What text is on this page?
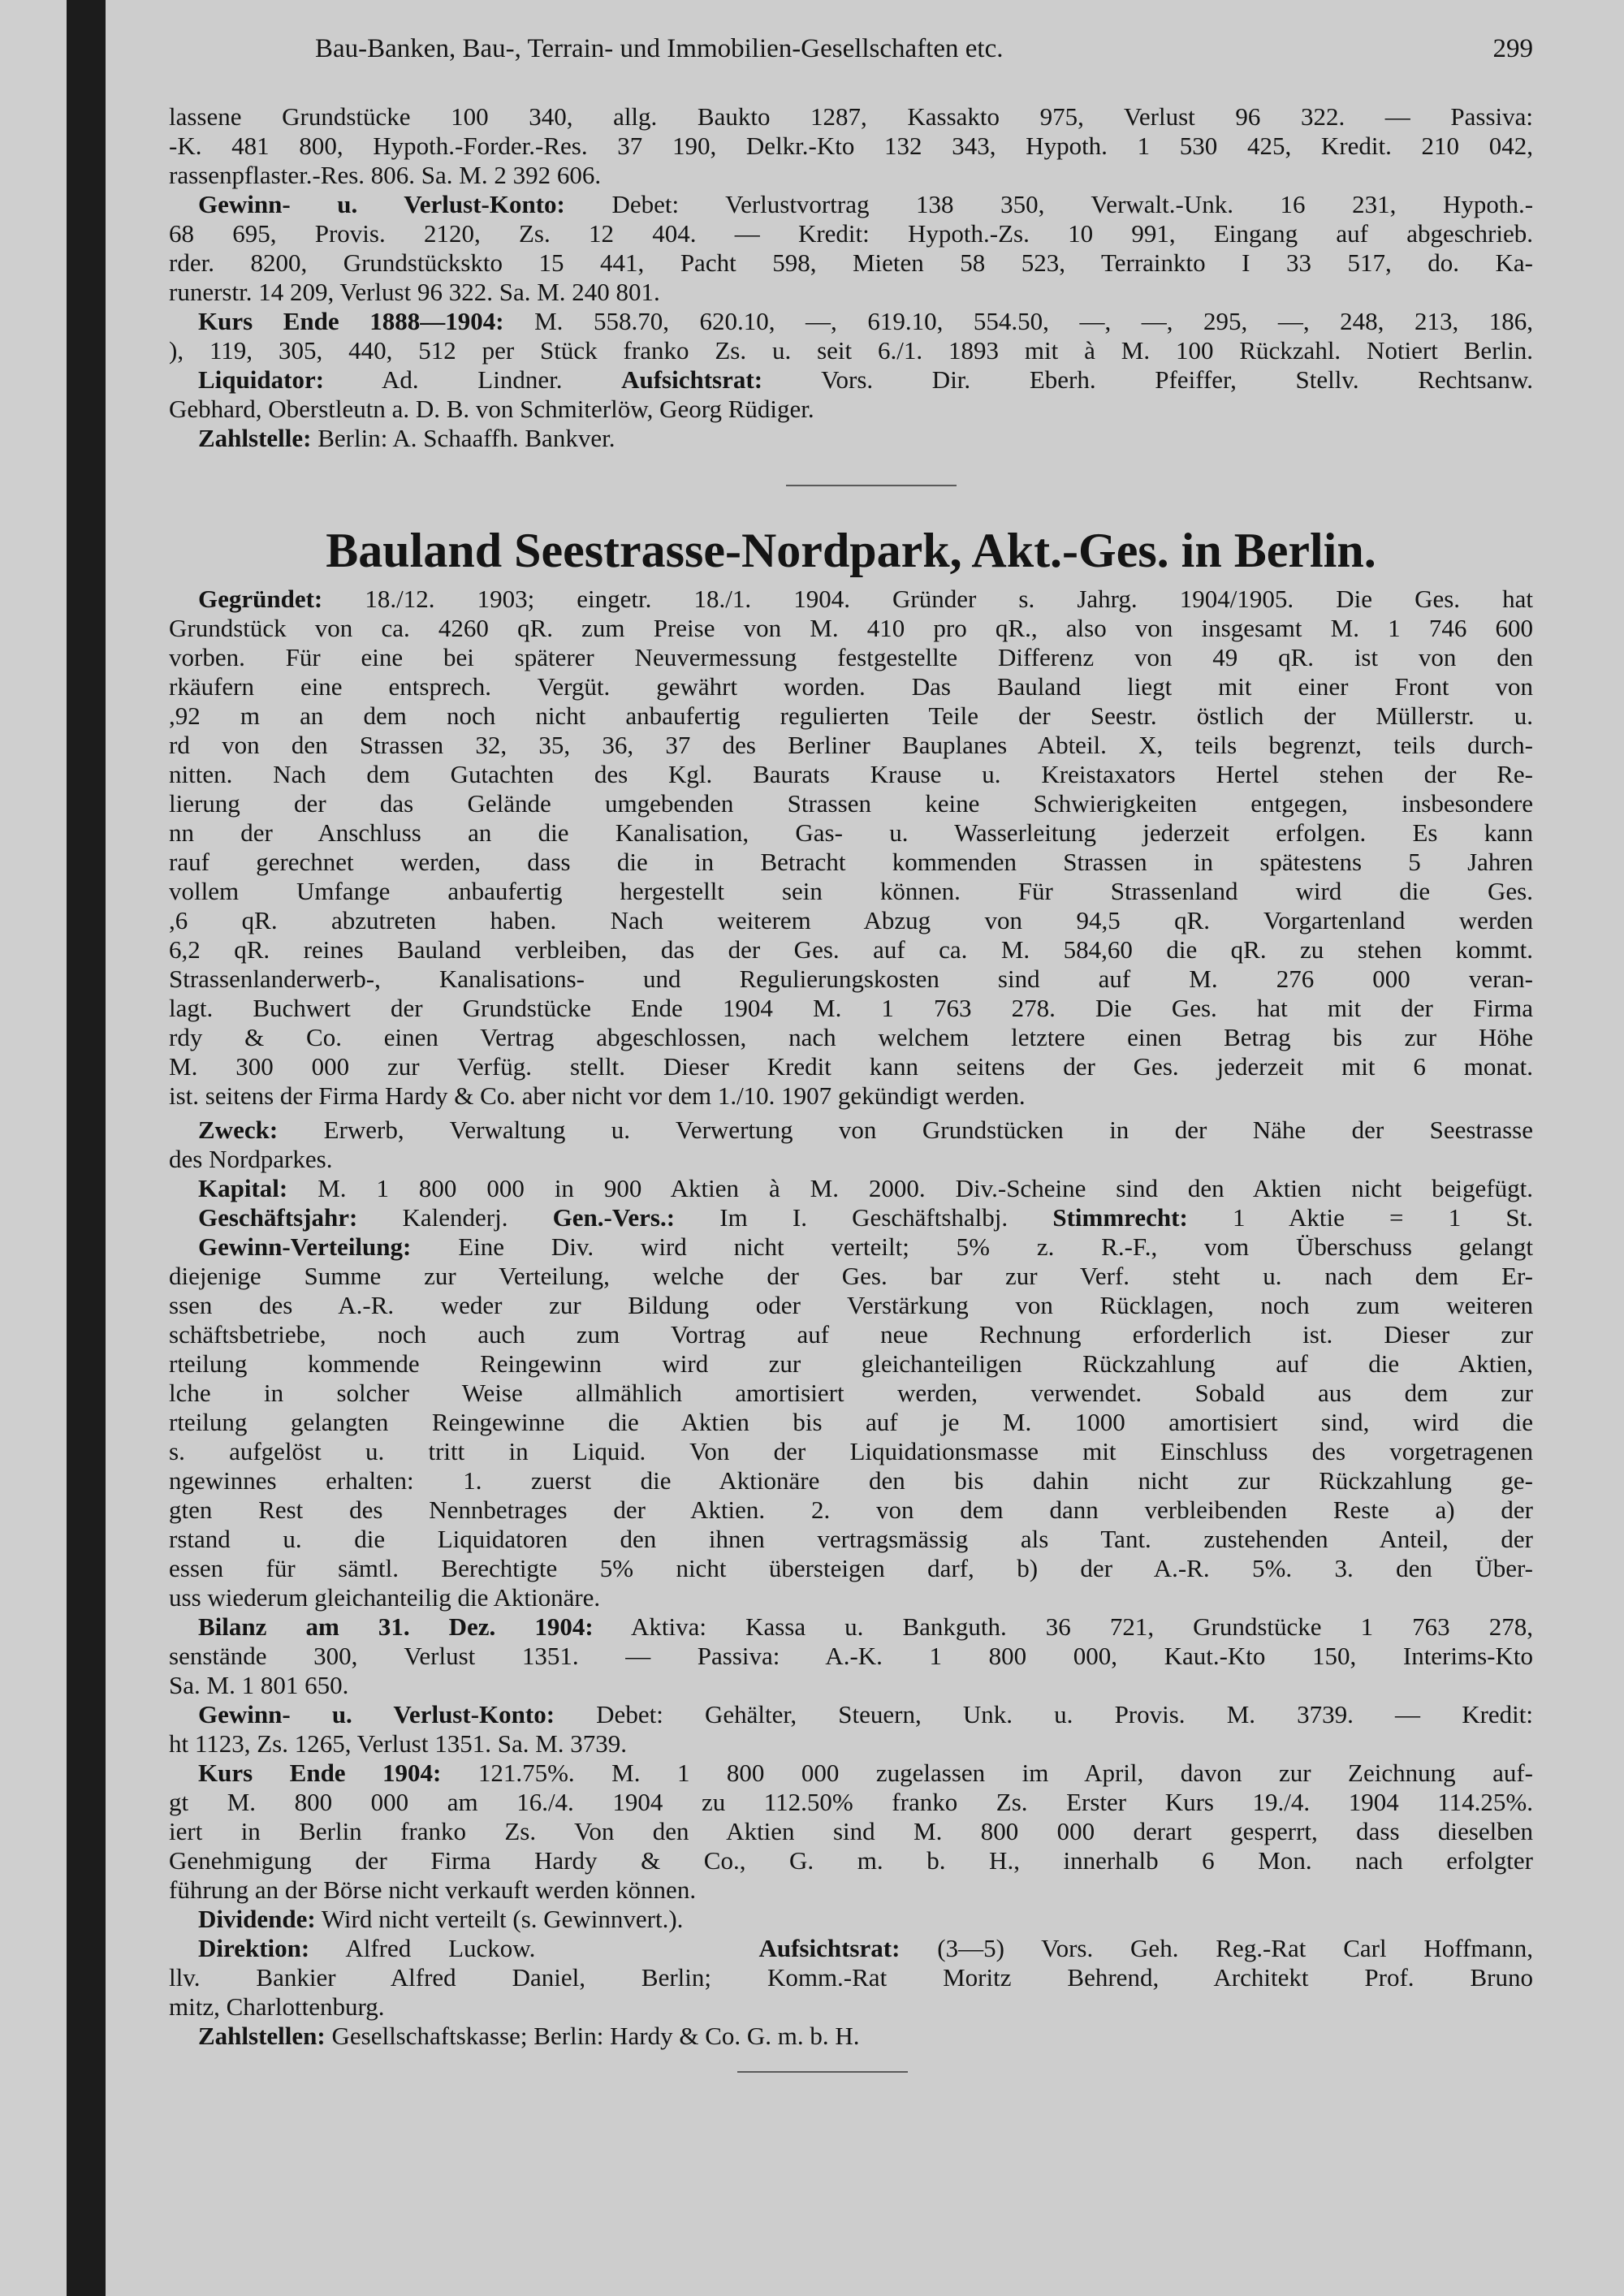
Bau-Banken, Bau-, Terrain- und Immobilien-Gesellschaften etc.	299
lassene Grundstücke 100 340, allg. Baukto 1287, Kassakto 975, Verlust 96 322. — Passiva:
-K. 481 800, Hypoth.-Forder.-Res. 37 190, Delkr.-Kto 132 343, Hypoth. 1 530 425, Kredit. 210 042,
rassenpflaster.-Res. 806. Sa. M. 2 392 606.
Gewinn- u. Verlust-Konto: Debet: Verlustvortrag 138 350, Verwalt.-Unk. 16 231, Hypoth.-
68 695, Provis. 2120, Zs. 12 404. — Kredit: Hypoth.-Zs. 10 991, Eingang auf abgeschrieb.
rder. 8200, Grundstückskto 15 441, Pacht 598, Mieten 58 523, Terrainkto I 33 517, do. Ka-
runerstr. 14 209, Verlust 96 322. Sa. M. 240 801.
Kurs Ende 1888—1904: M. 558.70, 620.10, —, 619.10, 554.50, —, —, 295, —, 248, 213, 186,
), 119, 305, 440, 512 per Stück franko Zs. u. seit 6./1. 1893 mit à M. 100 Rückzahl. Notiert Berlin.
Liquidator: Ad. Lindner. Aufsichtsrat: Vors. Dir. Eberh. Pfeiffer, Stellv. Rechtsanw.
Gebhard, Oberstleutn a. D. B. von Schmiterlöw, Georg Rüdiger.
Zahlstelle: Berlin: A. Schaaffh. Bankver.
Bauland Seestrasse-Nordpark, Akt.-Ges. in Berlin.
Gegründet: 18./12. 1903; eingetr. 18./1. 1904. Gründer s. Jahrg. 1904/1905. Die Ges. hat
Grundstück von ca. 4260 qR. zum Preise von M. 410 pro qR., also von insgesamt M. 1 746 600
vorben. Für eine bei späterer Neuvermessung festgestellte Differenz von 49 qR. ist von den
rkäufern eine entsprech. Vergüt. gewährt worden. Das Bauland liegt mit einer Front von
,92 m an dem noch nicht anbaufertig regulierten Teile der Seestr. östlich der Müllerstr. u.
rd von den Strassen 32, 35, 36, 37 des Berliner Bauplanes Abteil. X, teils begrenzt, teils durch-
nitten. Nach dem Gutachten des Kgl. Baurats Krause u. Kreistaxators Hertel stehen der Re-
lierung der das Gelände umgebenden Strassen keine Schwierigkeiten entgegen, insbesondere
nn der Anschluss an die Kanalisation, Gas- u. Wasserleitung jederzeit erfolgen. Es kann
rauf gerechnet werden, dass die in Betracht kommenden Strassen in spätestens 5 Jahren
vollem Umfange anbaufertig hergestellt sein können. Für Strassenland wird die Ges.
,6 qR. abzutreten haben. Nach weiterem Abzug von 94,5 qR. Vorgartenland werden
6,2 qR. reines Bauland verbleiben, das der Ges. auf ca. M. 584,60 die qR. zu stehen kommt.
Strassenlanderwerb-, Kanalisations- und Regulierungskosten sind auf M. 276 000 veran-
lagt. Buchwert der Grundstücke Ende 1904 M. 1 763 278. Die Ges. hat mit der Firma
rdy & Co. einen Vertrag abgeschlossen, nach welchem letztere einen Betrag bis zur Höhe
M. 300 000 zur Verfüg. stellt. Dieser Kredit kann seitens der Ges. jederzeit mit 6 monat.
ist. seitens der Firma Hardy & Co. aber nicht vor dem 1./10. 1907 gekündigt werden.
Zweck: Erwerb, Verwaltung u. Verwertung von Grundstücken in der Nähe der Seestrasse
des Nordparkes.
Kapital: M. 1 800 000 in 900 Aktien à M. 2000. Div.-Scheine sind den Aktien nicht beigefügt.
Geschäftsjahr: Kalenderj. Gen.-Vers.: Im I. Geschäftshalbj. Stimmrecht: 1 Aktie = 1 St.
Gewinn-Verteilung: Eine Div. wird nicht verteilt; 5% z. R.-F., vom Überschuss gelangt
diejenige Summe zur Verteilung, welche der Ges. bar zur Verf. steht u. nach dem Er-
ssen des A.-R. weder zur Bildung oder Verstärkung von Rücklagen, noch zum weiteren
schäftsbetriebe, noch auch zum Vortrag auf neue Rechnung erforderlich ist. Dieser zur
rteilung kommende Reingewinn wird zur gleichanteiligen Rückzahlung auf die Aktien,
lche in solcher Weise allmählich amortisiert werden, verwendet. Sobald aus dem zur
rteilung gelangten Reingewinne die Aktien bis auf je M. 1000 amortisiert sind, wird die
s. aufgelöst u. tritt in Liquid. Von der Liquidationsmasse mit Einschluss des vorgetragenen
ngewinnes erhalten: 1. zuerst die Aktionäre den bis dahin nicht zur Rückzahlung ge-
gten Rest des Nennbetrages der Aktien. 2. von dem dann verbleibenden Reste a) der
rstand u. die Liquidatoren den ihnen vertragsmässig als Tant. zustehenden Anteil, der
essen für sämtl. Berechtigte 5% nicht übersteigen darf, b) der A.-R. 5%. 3. den Über-
uss wiederum gleichanteilig die Aktionäre.
Bilanz am 31. Dez. 1904: Aktiva: Kassa u. Bankguth. 36 721, Grundstücke 1 763 278,
senstände 300, Verlust 1351. — Passiva: A.-K. 1 800 000, Kaut.-Kto 150, Interims-Kto
Sa. M. 1 801 650.
Gewinn- u. Verlust-Konto: Debet: Gehälter, Steuern, Unk. u. Provis. M. 3739. — Kredit:
ht 1123, Zs. 1265, Verlust 1351. Sa. M. 3739.
Kurs Ende 1904: 121.75%. M. 1 800 000 zugelassen im April, davon zur Zeichnung auf-
gt M. 800 000 am 16./4. 1904 zu 112.50% franko Zs. Erster Kurs 19./4. 1904 114.25%.
iert in Berlin franko Zs. Von den Aktien sind M. 800 000 derart gesperrt, dass dieselben
Genehmigung der Firma Hardy & Co., G. m. b. H., innerhalb 6 Mon. nach erfolgter
führung an der Börse nicht verkauft werden können.
Dividende: Wird nicht verteilt (s. Gewinnvert.).
Direktion: Alfred Luckow.	Aufsichtsrat: (3—5) Vors. Geh. Reg.-Rat Carl Hoffmann,
llv. Bankier Alfred Daniel, Berlin; Komm.-Rat Moritz Behrend, Architekt Prof. Bruno
mitz, Charlottenburg.
Zahlstellen: Gesellschaftskasse; Berlin: Hardy & Co. G. m. b. H.
